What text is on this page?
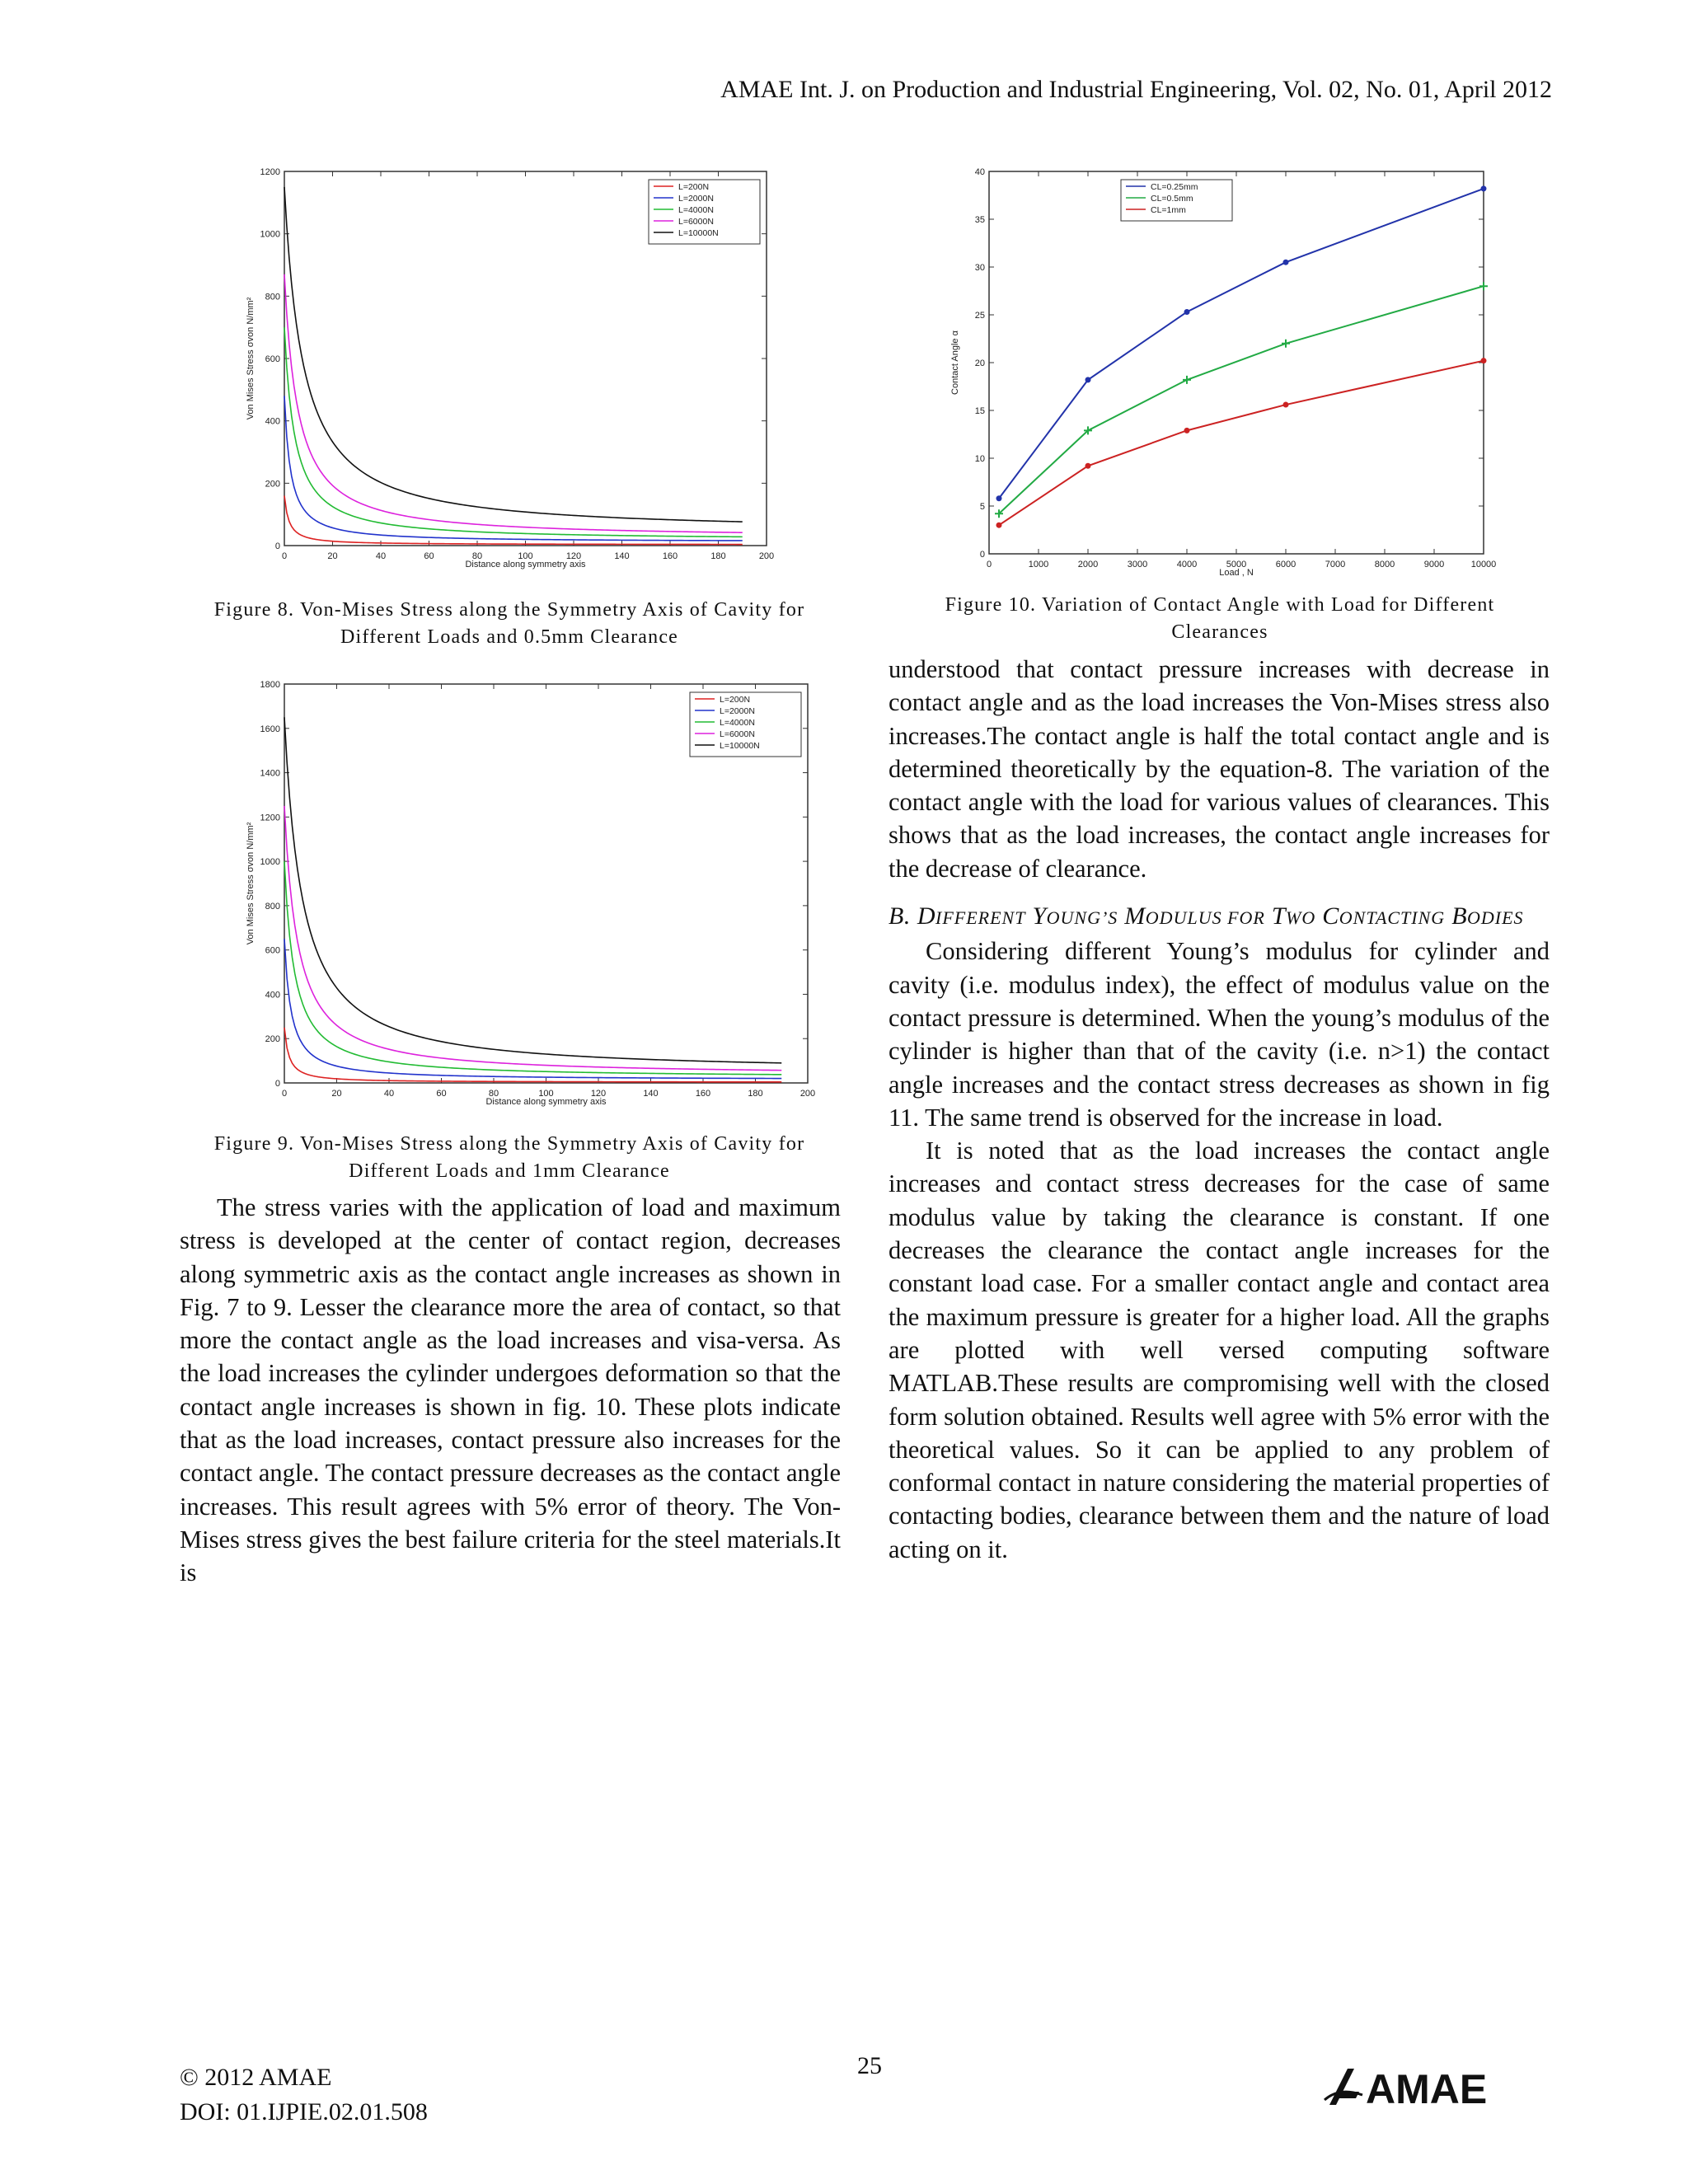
AMAE Int. J. on Production and Industrial Engineering, Vol. 02, No. 01, April 2012
0	20	40	60	80	100	120	140	160	180	200
0
200
400
600
800
1000
1200
Distance along symmetry axis
Von Mises Stress σvon N/mm²
L=200N
L=2000N
L=4000N
L=6000N
L=10000N
Figure 8. Von-Mises Stress along the Symmetry Axis of Cavity for Different Loads and 0.5mm Clearance
0	20	40	60	80	100	120	140	160	180	200
0
200
400
600
800
1000
1200
1400
1600
1800
Distance along symmetry axis
Von Mises Stress σvon N/mm²
L=200N
L=2000N
L=4000N
L=6000N
L=10000N
Figure 9. Von-Mises Stress along the Symmetry Axis of Cavity for Different Loads and 1mm Clearance
0	1000	2000	3000	4000	5000	6000	7000	8000	9000	10000
0
5
10
15
20
25
30
35
40
Load , N
Contact Angle α
CL=0.25mm
CL=0.5mm
CL=1mm
Figure 10. Variation of Contact Angle with Load for Different Clearances

The stress varies with the application of load and maximum stress is developed at the center of contact region, decreases along symmetric axis as the contact angle increases as shown in Fig. 7 to 9. Lesser the clearance more the area of contact, so that more the contact angle as the load increases and visa-versa. As the load increases the cylinder undergoes deformation so that the contact angle increases is shown in fig. 10. These plots indicate that as the load increases, contact pressure also increases for the contact angle. The contact pressure decreases as the contact angle increases. This result agrees with 5% error of theory. The Von-Mises stress gives the best failure criteria for the steel materials.It is

understood that contact pressure increases with decrease in contact angle and as the load increases the Von-Mises stress also increases.The contact angle is half the total contact angle and is determined theoretically by the equation-8. The variation of the contact angle with the load for various values of clearances. This shows that as the load increases, the contact angle increases for the decrease of clearance.

B. DIFFERENT YOUNG’S MODULUS FOR TWO CONTACTING BODIES

Considering different Young’s modulus for cylinder and cavity (i.e. modulus index), the effect of modulus value on the contact pressure is determined. When the young’s modulus of the cylinder is higher than that of the cavity (i.e. n>1) the contact angle increases and the contact stress decreases as shown in fig 11. The same trend is observed for the increase in load.

It is noted that as the load increases the contact angle increases and contact stress decreases for the case of same modulus value by taking the clearance is constant. If one decreases the clearance the contact angle increases for the constant load case. For a smaller contact angle and contact area the maximum pressure is greater for a higher load. All the graphs are plotted with well versed computing software MATLAB.These results are compromising well with the closed form solution obtained. Results well agree with 5% error with the theoretical values. So it can be applied to any problem of conformal contact in nature considering the material properties of contacting bodies, clearance between them and the nature of load acting on it.

© 2012 AMAE
DOI: 01.IJPIE.02.01.508
25
AMAE
